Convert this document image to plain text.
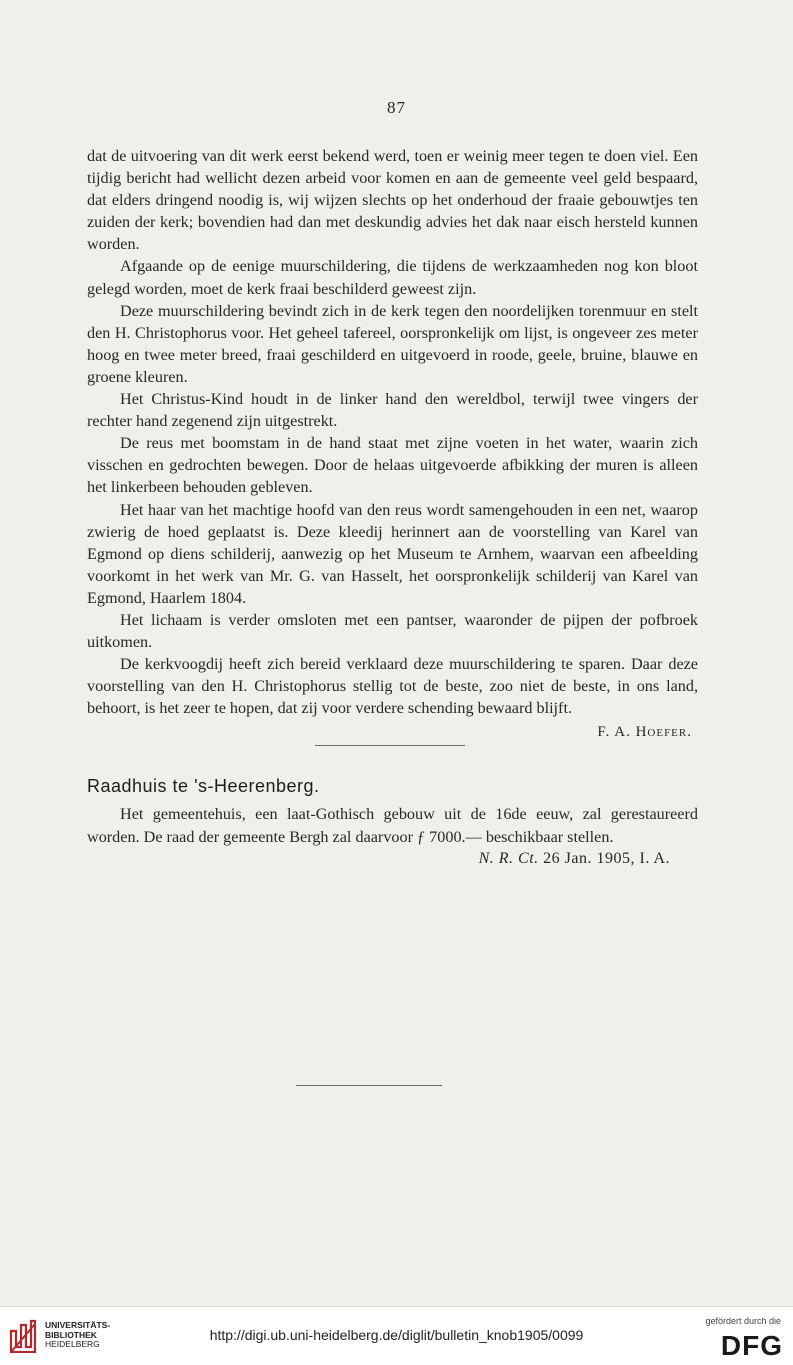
87

dat de uitvoering van dit werk eerst bekend werd, toen er weinig meer tegen te doen viel. Een tijdig bericht had wellicht dezen arbeid voor komen en aan de gemeente veel geld bespaard, dat elders dringend noodig is, wij wijzen slechts op het onderhoud der fraaie gebouwtjes ten zuiden der kerk; bovendien had dan met deskundig advies het dak naar eisch hersteld kunnen worden.

Afgaande op de eenige muurschildering, die tijdens de werkzaamheden nog kon bloot gelegd worden, moet de kerk fraai beschilderd geweest zijn.

Deze muurschildering bevindt zich in de kerk tegen den noordelijken torenmuur en stelt den H. Christophorus voor. Het geheel tafereel, oorspronkelijk om lijst, is ongeveer zes meter hoog en twee meter breed, fraai geschilderd en uitgevoerd in roode, geele, bruine, blauwe en groene kleuren.

Het Christus-Kind houdt in de linker hand den wereldbol, terwijl twee vingers der rechter hand zegenend zijn uitgestrekt.

De reus met boomstam in de hand staat met zijne voeten in het water, waarin zich visschen en gedrochten bewegen. Door de helaas uitgevoerde afbikking der muren is alleen het linkerbeen behouden gebleven.

Het haar van het machtige hoofd van den reus wordt samengehouden in een net, waarop zwierig de hoed geplaatst is. Deze kleedij herinnert aan de voorstelling van Karel van Egmond op diens schilderij, aanwezig op het Museum te Arnhem, waarvan een afbeelding voorkomt in het werk van Mr. G. van Hasselt, het oorspronkelijk schilderij van Karel van Egmond, Haarlem 1804.

Het lichaam is verder omsloten met een pantser, waaronder de pijpen der pofbroek uitkomen.

De kerkvoogdij heeft zich bereid verklaard deze muurschildering te sparen. Daar deze voorstelling van den H. Christophorus stellig tot de beste, zoo niet de beste, in ons land, behoort, is het zeer te hopen, dat zij voor verdere schending bewaard blijft.

F. A. Hoefer.
Raadhuis te 's-Heerenberg.

Het gemeentehuis, een laat-Gothisch gebouw uit de 16de eeuw, zal gerestaureerd worden. De raad der gemeente Bergh zal daarvoor ƒ 7000.— beschikbaar stellen.

N. R. Ct. 26 Jan. 1905, I. A.
UNIVERSITÄTS-
BIBLIOTHEK
HEIDELBERG
http://digi.ub.uni-heidelberg.de/diglit/bulletin_knob1905/0099
gefördert durch die
DFG
